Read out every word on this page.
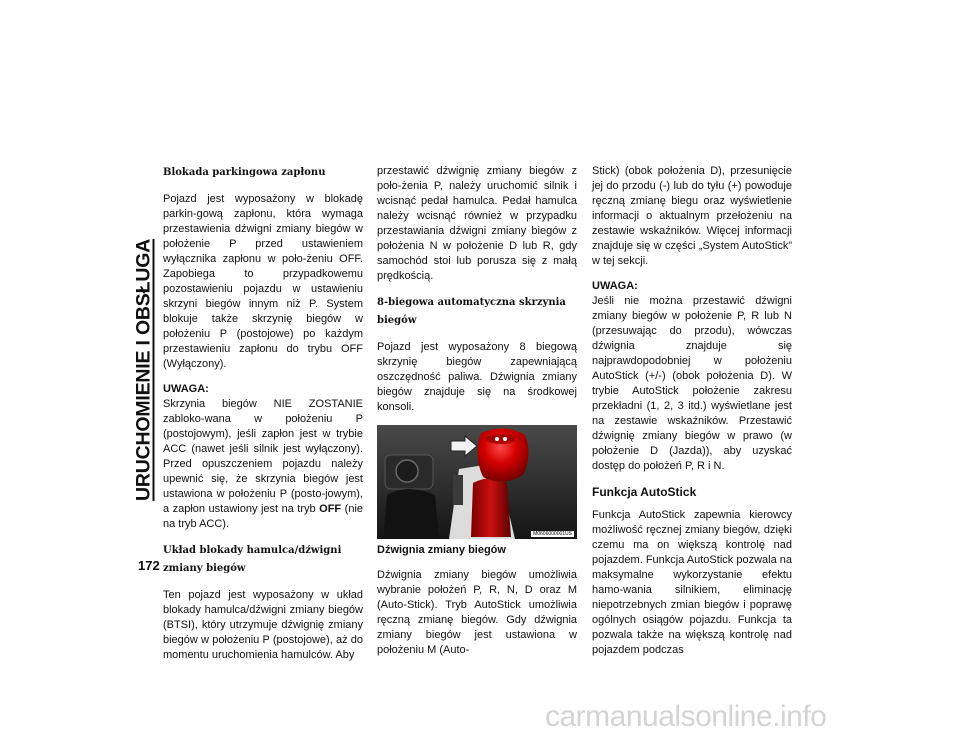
URUCHOMIENIE I OBSŁUGA
172
Blokada parkingowa zapłonu

Pojazd jest wyposażony w blokadę parkin-gową zapłonu, która wymaga przestawienia dźwigni zmiany biegów w położenie P przed ustawieniem wyłącznika zapłonu w poło-żeniu OFF. Zapobiega to przypadkowemu pozostawieniu pojazdu w ustawieniu skrzyni biegów innym niż P. System blokuje także skrzynię biegów w położeniu P (postojowe) po każdym przestawieniu zapłonu do trybu OFF (Wyłączony).

UWAGA:
Skrzynia biegów NIE ZOSTANIE zabloko-wana w położeniu P (postojowym), jeśli zapłon jest w trybie ACC (nawet jeśli silnik jest wyłączony). Przed opuszczeniem pojazdu należy upewnić się, że skrzynia biegów jest ustawiona w położeniu P (posto-jowym), a zapłon ustawiony jest na tryb OFF (nie na tryb ACC).

Układ blokady hamulca/dźwigni zmiany biegów

Ten pojazd jest wyposażony w układ blokady hamulca/dźwigni zmiany biegów (BTSI), który utrzymuje dźwignię zmiany biegów w położeniu P (postojowe), aż do momentu uruchomienia hamulców. Aby

przestawić dźwignię zmiany biegów z poło-żenia P, należy uruchomić silnik i wcisnąć pedał hamulca. Pedał hamulca należy wcisnąć również w przypadku przestawiania dźwigni zmiany biegów z położenia N w położenie D lub R, gdy samochód stoi lub porusza się z małą prędkością.

8-biegowa automatyczna skrzynia biegów

Pojazd jest wyposażony 8 biegową skrzynię biegów zapewniającą oszczędność paliwa. Dźwignia zmiany biegów znajduje się na środkowej konsoli.

M0606000001US

Dźwignia zmiany biegów

Dźwignia zmiany biegów umożliwia wybranie położeń P, R, N, D oraz M (Auto-Stick). Tryb AutoStick umożliwia ręczną zmianę biegów. Gdy dźwignia zmiany biegów jest ustawiona w położeniu M (Auto-

Stick) (obok położenia D), przesunięcie jej do przodu (-) lub do tyłu (+) powoduje ręczną zmianę biegu oraz wyświetlenie informacji o aktualnym przełożeniu na zestawie wskaźników. Więcej informacji znajduje się w części „System AutoStick” w tej sekcji.

UWAGA:
Jeśli nie można przestawić dźwigni zmiany biegów w położenie P, R lub N (przesuwając do przodu), wówczas dźwignia znajduje się najprawdopodobniej w położeniu AutoStick (+/-) (obok położenia D). W trybie AutoStick położenie zakresu przekładni (1, 2, 3 itd.) wyświetlane jest na zestawie wskaźników. Przestawić dźwignię zmiany biegów w prawo (w położenie D (Jazda)), aby uzyskać dostęp do położeń P, R i N.

Funkcja AutoStick

Funkcja AutoStick zapewnia kierowcy możliwość ręcznej zmiany biegów, dzięki czemu ma on większą kontrolę nad pojazdem. Funkcja AutoStick pozwala na maksymalne wykorzystanie efektu hamo-wania silnikiem, eliminację niepotrzebnych zmian biegów i poprawę ogólnych osiągów pojazdu. Funkcja ta pozwala także na większą kontrolę nad pojazdem podczas

carmanualsonline.info
